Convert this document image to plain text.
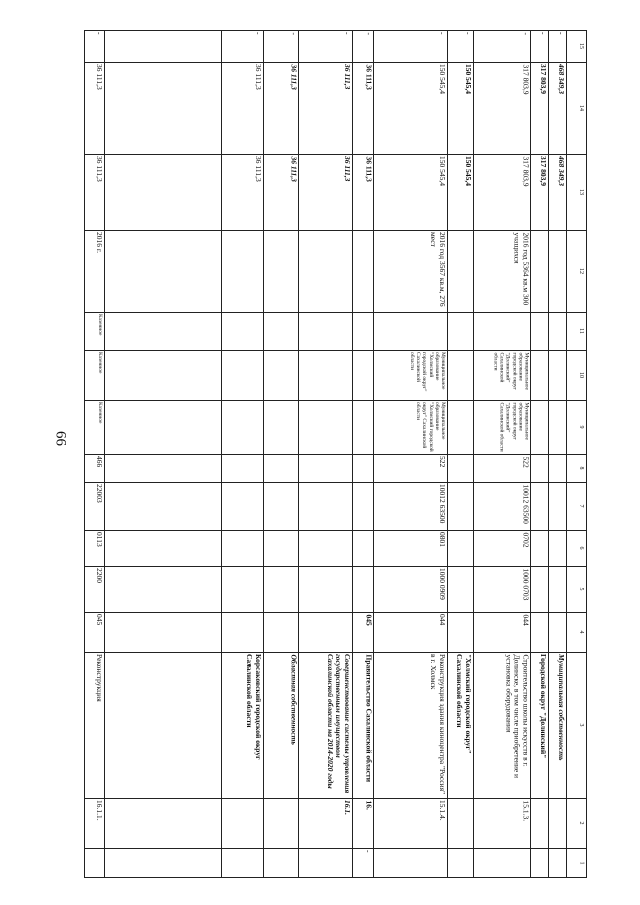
66
15
14
13
12
11
10
9
8
7
6
5
4
3
2
1
-
468 349,3
468 349,3
Муниципальная собственность
-
317 803,9
317 803,9
Городской округ "Долинский"
-
317 803,9
317 803,9
2016 год 5364 кв.м 300 учащихся
Муниципальное образование городской округ "Долинский" Сахалинской области
Муниципальное образование городской округ "Долинский" Сахалинской области
522
10012 63500
0702
1000 0703
044
Строительство школы искусств в г. Долинске, в том числе приобретение и установка оборудования
15.1.3.
-
150 545,4
150 545,4
"Холмский городской округ" Сахалинской области
-
150 545,4
150 545,4
2016 год 3567 кв.м, 276 мест
Муниципальное образование "Холмский городской округ" Сахалинской области
Муниципальное образование "Холмский городской округ" Сахалинской области
522
10012 63500
0801
1000 0909
044
Реконструкция здания киноцентра "Россия" в г. Холмск
15.1.4.
-
36 111,3
36 111,3
045
Правительство Сахалинской области
16.
-
-
36 111,3
36 111,3
Совершенствование системы управления государственным имуществом Сахалинской области на 2014-2020 годы
16.1.
-
36 111,3
36 111,3
Областная собственность
-
36 111,3
36 111,3
Корсаковский городской округ Сахалинской области
-
36 111,3
36 111,3
2016 г.
Казенное
Казенное
Казенное
466
22003
0113
2200
045
Реконструкция
16.1.1.
